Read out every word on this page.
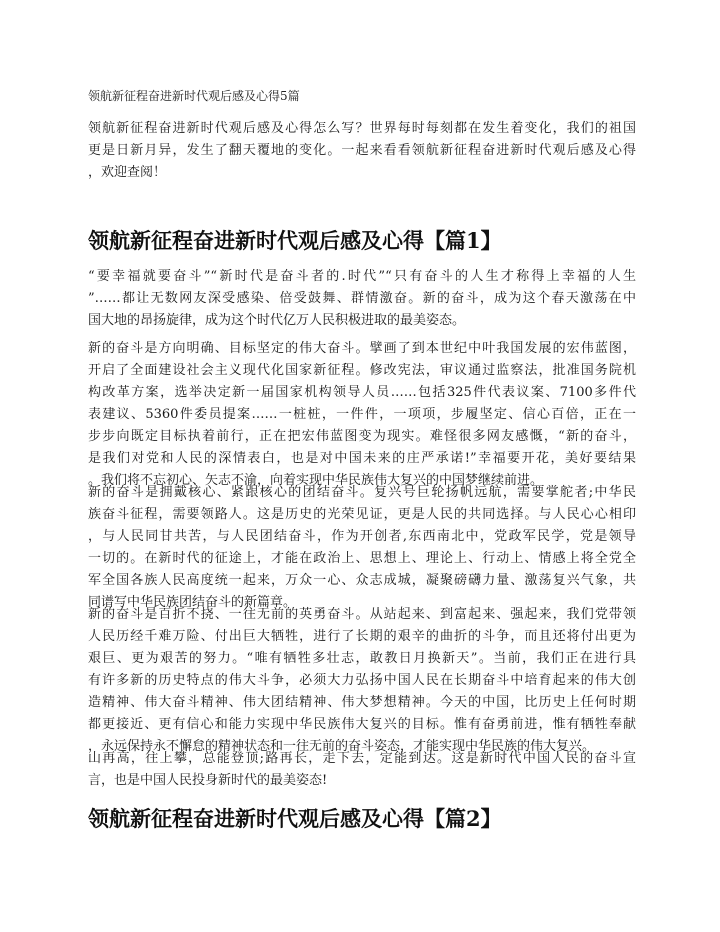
领航新征程奋进新时代观后感及心得5篇

领航新征程奋进新时代观后感及心得怎么写？世界每时每刻都在发生着变化，我们的祖国
更是日新月异，发生了翻天覆地的变化。一起来看看领航新征程奋进新时代观后感及心得
，欢迎查阅！

领航新征程奋进新时代观后感及心得【篇1】

“要幸福就要奋斗”“新时代是奋斗者的.时代”“只有奋斗的人生才称得上幸福的人生
”……都让无数网友深受感染、倍受鼓舞、群情激奋。新的奋斗，成为这个春天激荡在中
国大地的昂扬旋律，成为这个时代亿万人民积极进取的最美姿态。

新的奋斗是方向明确、目标坚定的伟大奋斗。擘画了到本世纪中叶我国发展的宏伟蓝图，
开启了全面建设社会主义现代化国家新征程。修改宪法，审议通过监察法，批准国务院机
构改革方案，选举决定新一届国家机构领导人员……包括325件代表议案、7100多件代
表建议、5360件委员提案……一桩桩，一件件，一项项，步履坚定、信心百倍，正在一
步步向既定目标执着前行，正在把宏伟蓝图变为现实。难怪很多网友感慨，“新的奋斗，
是我们对党和人民的深情表白，也是对中国未来的庄严承诺!”幸福要开花，美好要结果
。我们将不忘初心、矢志不渝，向着实现中华民族伟大复兴的中国梦继续前进。

新的奋斗是拥戴核心、紧跟核心的团结奋斗。复兴号巨轮扬帆远航，需要掌舵者;中华民
族奋斗征程，需要领路人。这是历史的光荣见证，更是人民的共同选择。与人民心心相印
，与人民同甘共苦，与人民团结奋斗，作为开创者,东西南北中，党政军民学，党是领导
一切的。在新时代的征途上，才能在政治上、思想上、理论上、行动上、情感上将全党全
军全国各族人民高度统一起来，万众一心、众志成城，凝聚磅礴力量、激荡复兴气象，共
同谱写中华民族团结奋斗的新篇章。

新的奋斗是百折不挠、一往无前的英勇奋斗。从站起来、到富起来、强起来，我们党带领
人民历经千难万险、付出巨大牺牲，进行了长期的艰辛的曲折的斗争，而且还将付出更为
艰巨、更为艰苦的努力。“唯有牺牲多壮志，敢教日月换新天”。当前，我们正在进行具
有许多新的历史特点的伟大斗争，必须大力弘扬中国人民在长期奋斗中培育起来的伟大创
造精神、伟大奋斗精神、伟大团结精神、伟大梦想精神。今天的中国，比历史上任何时期
都更接近、更有信心和能力实现中华民族伟大复兴的目标。惟有奋勇前进，惟有牺牲奉献
，永远保持永不懈怠的精神状态和一往无前的奋斗姿态，才能实现中华民族的伟大复兴。

山再高，往上攀，总能登顶;路再长，走下去，定能到达。这是新时代中国人民的奋斗宣
言，也是中国人民投身新时代的最美姿态!

领航新征程奋进新时代观后感及心得【篇2】
